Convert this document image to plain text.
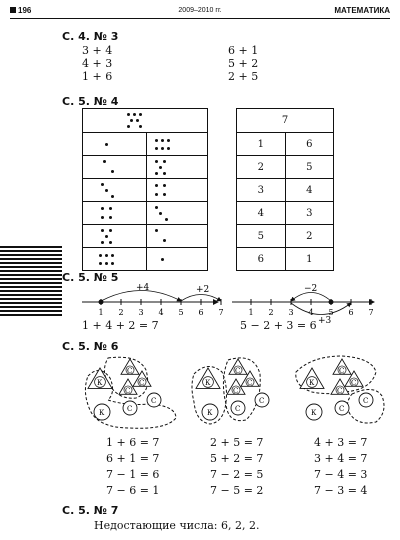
196	2009–2010 гг.	МАТЕМАТИКА
С. 4. № 3
3 + 4
4 + 3
1 + 6
6 + 1
5 + 2
2 + 5
С. 5. № 4

7	
1	6
2	5
3	4
4	3
5	2
6	1
С. 5. № 5
1 2 3 4 5 6 7
+4	+2
1 2 3 4 5 6 7
−2
+3
1 + 4 + 2 = 7	5 − 2 + 3 = 6
С. 5. № 6
К
С
С
С
К	С
С
К
С
С
С
К	С
С
К
С
С
С
К	С
С
1 + 6 = 7
6 + 1 = 7
7 − 1 = 6
7 − 6 = 1
2 + 5 = 7
5 + 2 = 7
7 − 2 = 5
7 − 5 = 2
4 + 3 = 7
3 + 4 = 7
7 − 4 = 3
7 − 3 = 4
С. 5. № 7
Недостающие числа: 6, 2, 2.
